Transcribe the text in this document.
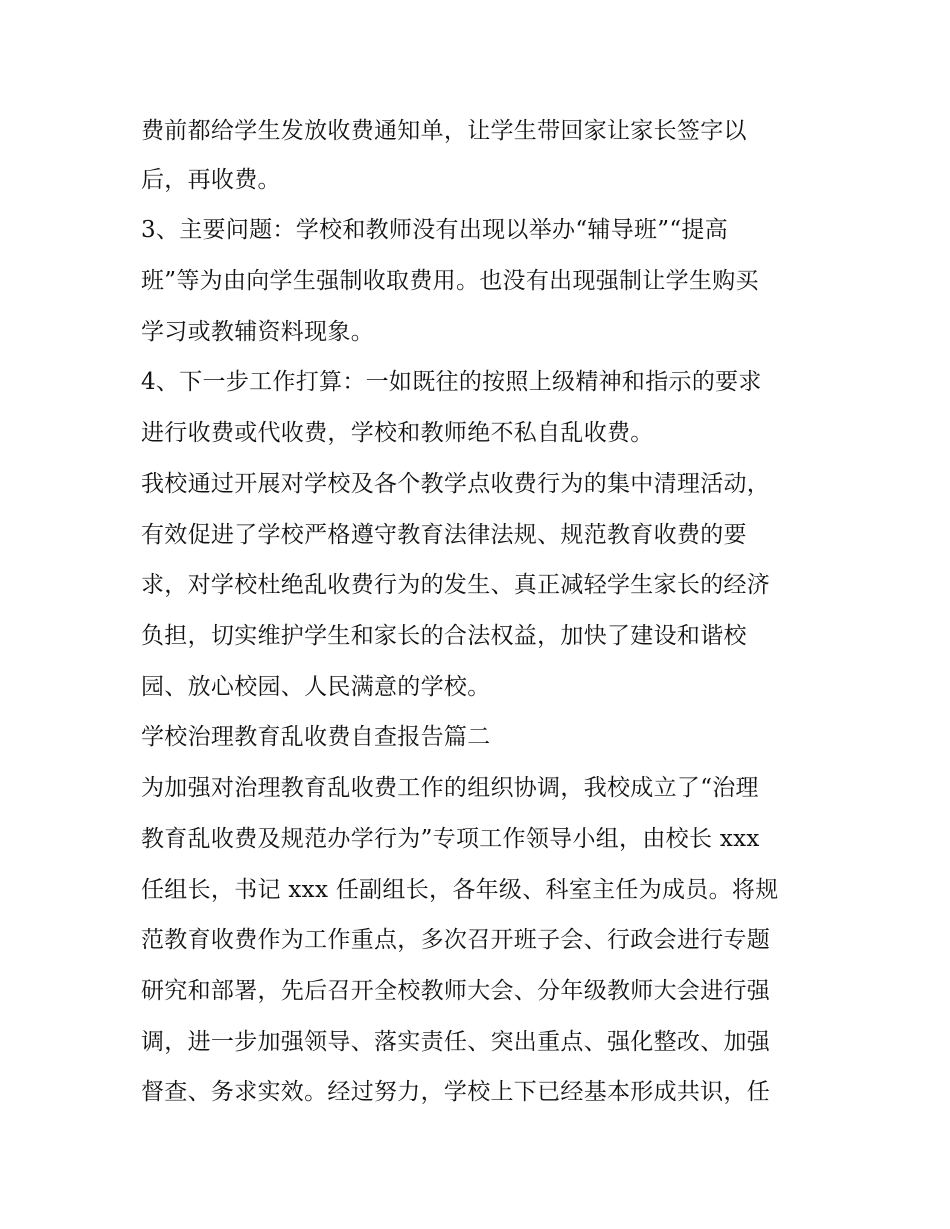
费前都给学生发放收费通知单，让学生带回家让家长签字以
后，再收费。
3、主要问题：学校和教师没有出现以举办“辅导班”“提高
班”等为由向学生强制收取费用。也没有出现强制让学生购买
学习或教辅资料现象。
4、下一步工作打算：一如既往的按照上级精神和指示的要求
进行收费或代收费，学校和教师绝不私自乱收费。
我校通过开展对学校及各个教学点收费行为的集中清理活动，
有效促进了学校严格遵守教育法律法规、规范教育收费的要
求，对学校杜绝乱收费行为的发生、真正减轻学生家长的经济
负担，切实维护学生和家长的合法权益，加快了建设和谐校
园、放心校园、人民满意的学校。
学校治理教育乱收费自查报告篇二
为加强对治理教育乱收费工作的组织协调，我校成立了“治理
教育乱收费及规范办学行为”专项工作领导小组，由校长 xxx
任组长，书记 xxx 任副组长，各年级、科室主任为成员。将规
范教育收费作为工作重点，多次召开班子会、行政会进行专题
研究和部署，先后召开全校教师大会、分年级教师大会进行强
调，进一步加强领导、落实责任、突出重点、强化整改、加强
督查、务求实效。经过努力，学校上下已经基本形成共识，任
